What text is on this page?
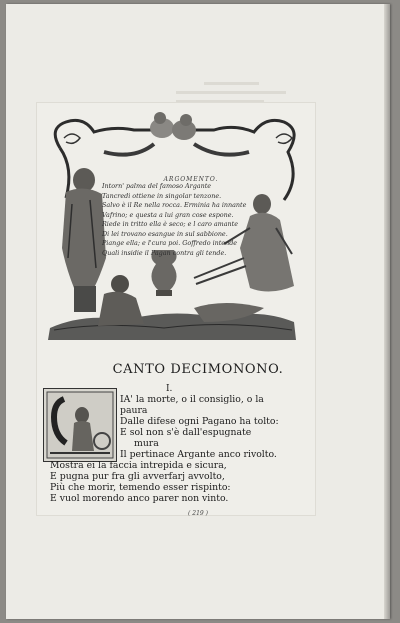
ARGOMENTO.
Intorn' palma del famoso Argante
Tancredi ottiene in singolar tenzone.
Salvo è il Re nella rocca. Erminia ha innante
Vafrino; e questa a lui gran cose espone.
Riede in tritto ella è seco; e l caro amante
Di lei trovano esangue in sul sabbione.
Piange ella; e l'cura poi. Goffredo intende
Quali insidie il Pagan contra gli tende.
CANTO DECIMONONO.
I.
IA' la morte, o il consiglio, o la
paura
Dalle difese ogni Pagano ha tolto:
E sol non s'è dall'espugnate
mura
Il pertinace Argante anco rivolto.
Mostra ei la faccia intrepida e sicura,
E pugna pur fra gli avverfarj avvolto,
Più che morir, temendo esser rispinto:
E vuol morendo anco parer non vinto.
( 219 )
